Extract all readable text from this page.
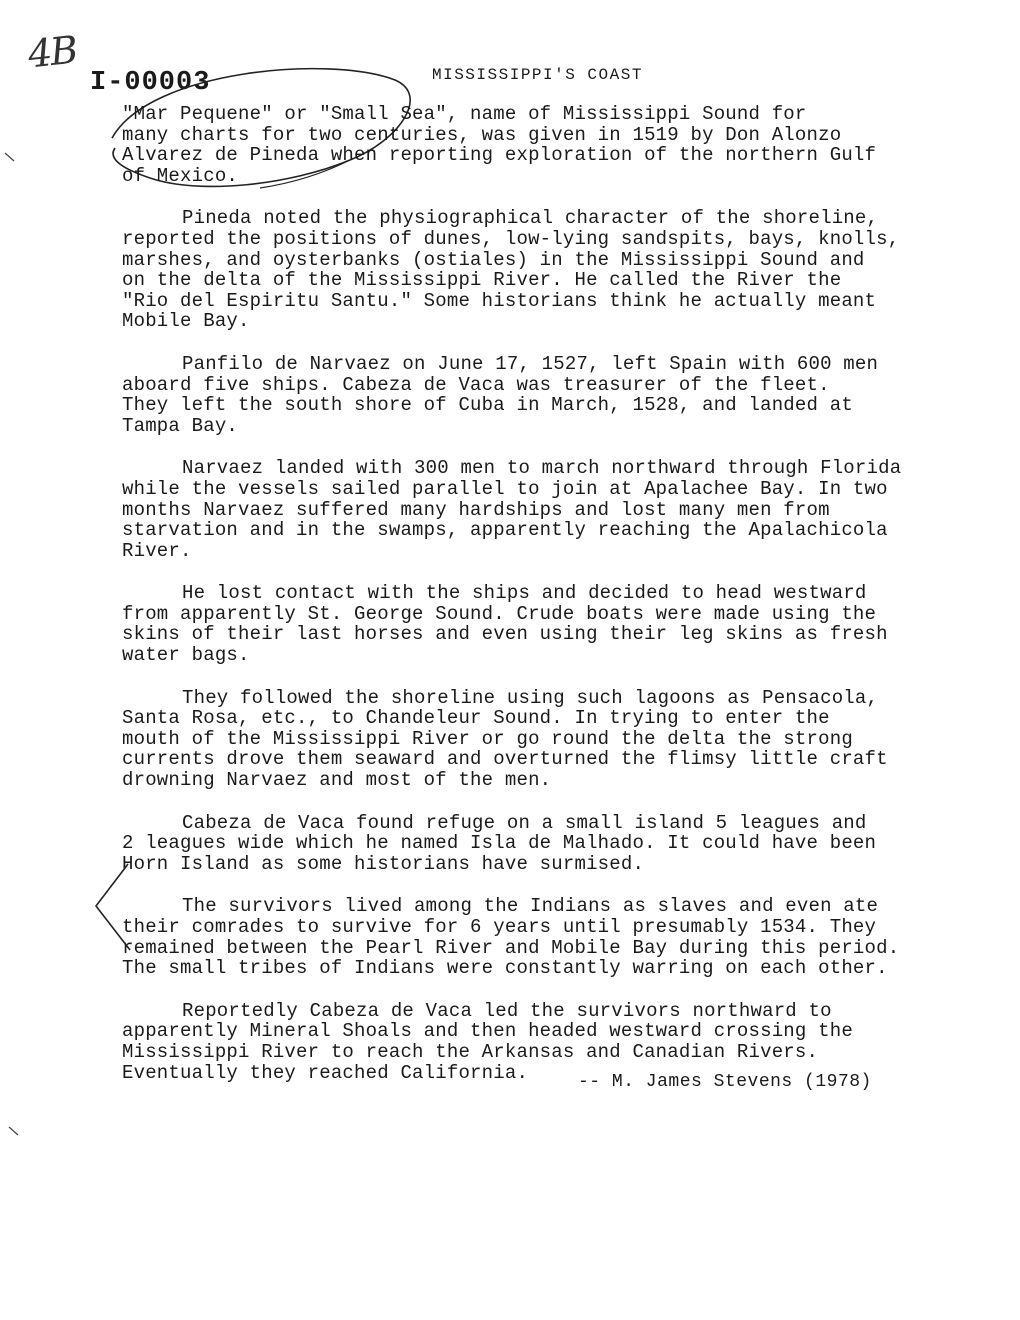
4B
I-00003	MISSISSIPPI'S COAST

"Mar Pequene" or "Small Sea", name of Mississippi Sound for
many charts for two centuries, was given in 1519 by Don Alonzo
Alvarez de Pineda when reporting exploration of the northern Gulf
of Mexico.

Pineda noted the physiographical character of the shoreline,
reported the positions of dunes, low-lying sandspits, bays, knolls,
marshes, and oysterbanks (ostiales) in the Mississippi Sound and
on the delta of the Mississippi River. He called the River the
"Rio del Espiritu Santu." Some historians think he actually meant
Mobile Bay.

Panfilo de Narvaez on June 17, 1527, left Spain with 600 men
aboard five ships. Cabeza de Vaca was treasurer of the fleet.
They left the south shore of Cuba in March, 1528, and landed at
Tampa Bay.

Narvaez landed with 300 men to march northward through Florida
while the vessels sailed parallel to join at Apalachee Bay. In two
months Narvaez suffered many hardships and lost many men from
starvation and in the swamps, apparently reaching the Apalachicola
River.

He lost contact with the ships and decided to head westward
from apparently St. George Sound. Crude boats were made using the
skins of their last horses and even using their leg skins as fresh
water bags.

They followed the shoreline using such lagoons as Pensacola,
Santa Rosa, etc., to Chandeleur Sound. In trying to enter the
mouth of the Mississippi River or go round the delta the strong
currents drove them seaward and overturned the flimsy little craft
drowning Narvaez and most of the men.

Cabeza de Vaca found refuge on a small island 5 leagues and
2 leagues wide which he named Isla de Malhado. It could have been
Horn Island as some historians have surmised.

The survivors lived among the Indians as slaves and even ate
their comrades to survive for 6 years until presumably 1534. They
remained between the Pearl River and Mobile Bay during this period.
The small tribes of Indians were constantly warring on each other.

Reportedly Cabeza de Vaca led the survivors northward to
apparently Mineral Shoals and then headed westward crossing the
Mississippi River to reach the Arkansas and Canadian Rivers.
Eventually they reached California.	-- M. James Stevens (1978)
